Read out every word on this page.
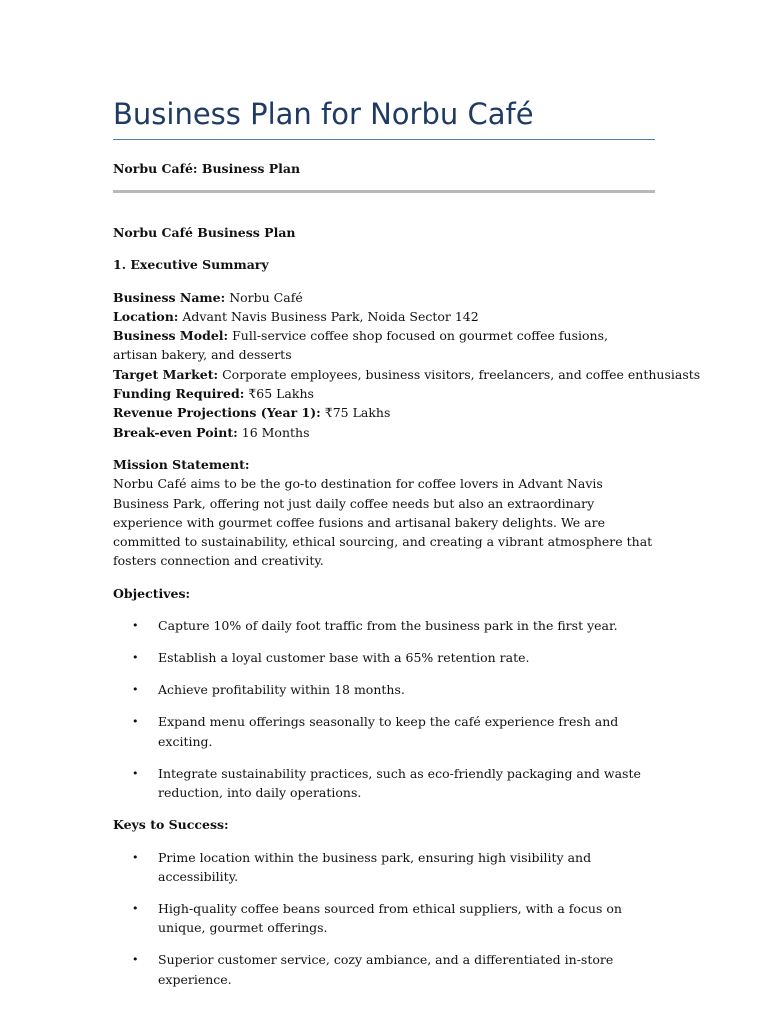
Business Plan for Norbu Café

Norbu Café: Business Plan

Norbu Café Business Plan

1. Executive Summary

Business Name: Norbu Café

Location: Advant Navis Business Park, Noida Sector 142

Business Model: Full-service coffee shop focused on gourmet coffee fusions, artisan bakery, and desserts

Target Market: Corporate employees, business visitors, freelancers, and coffee enthusiasts

Funding Required: ₹65 Lakhs

Revenue Projections (Year 1): ₹75 Lakhs

Break-even Point: 16 Months

Mission Statement:

Norbu Café aims to be the go-to destination for coffee lovers in Advant Navis Business Park, offering not just daily coffee needs but also an extraordinary experience with gourmet coffee fusions and artisanal bakery delights. We are committed to sustainability, ethical sourcing, and creating a vibrant atmosphere that fosters connection and creativity.

Objectives:

• Capture 10% of daily foot traffic from the business park in the first year.
• Establish a loyal customer base with a 65% retention rate.
• Achieve profitability within 18 months.
• Expand menu offerings seasonally to keep the café experience fresh and exciting.
• Integrate sustainability practices, such as eco-friendly packaging and waste reduction, into daily operations.

Keys to Success:

• Prime location within the business park, ensuring high visibility and accessibility.
• High-quality coffee beans sourced from ethical suppliers, with a focus on unique, gourmet offerings.
• Superior customer service, cozy ambiance, and a differentiated in-store experience.
